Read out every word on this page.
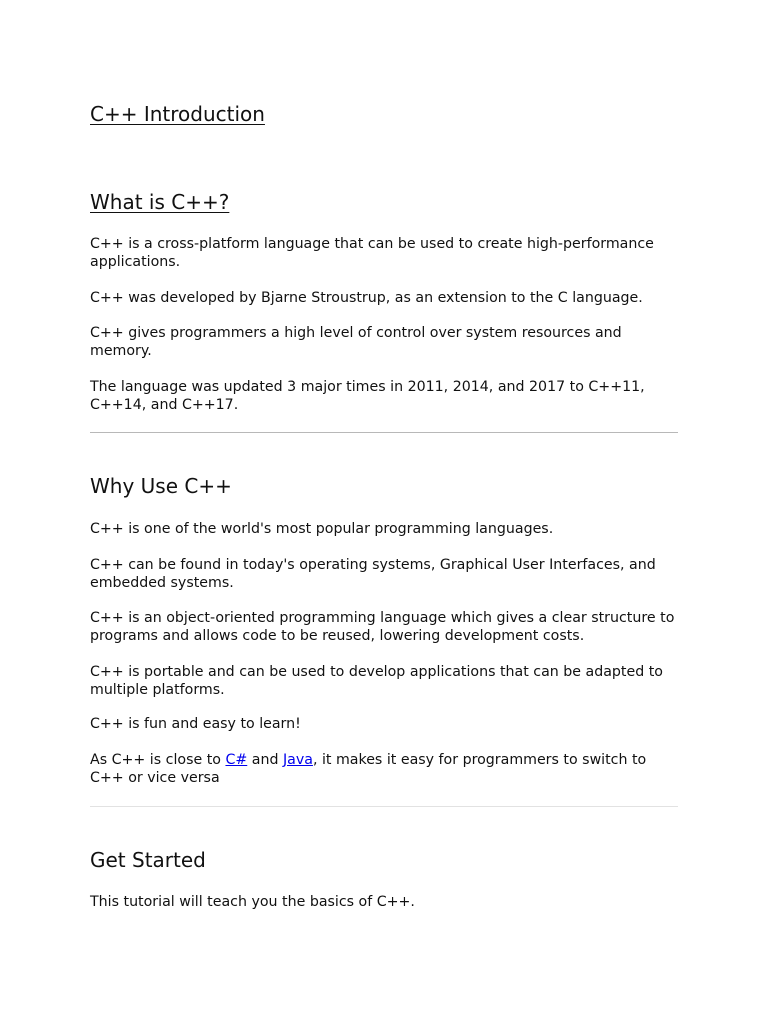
C++ Introduction
What is C++?

C++ is a cross-platform language that can be used to create high-performance applications.

C++ was developed by Bjarne Stroustrup, as an extension to the C language.

C++ gives programmers a high level of control over system resources and memory.

The language was updated 3 major times in 2011, 2014, and 2017 to C++11, C++14, and C++17.

Why Use C++

C++ is one of the world's most popular programming languages.

C++ can be found in today's operating systems, Graphical User Interfaces, and embedded systems.

C++ is an object-oriented programming language which gives a clear structure to programs and allows code to be reused, lowering development costs.

C++ is portable and can be used to develop applications that can be adapted to multiple platforms.

C++ is fun and easy to learn!

As C++ is close to C# and Java, it makes it easy for programmers to switch to C++ or vice versa

Get Started

This tutorial will teach you the basics of C++.
